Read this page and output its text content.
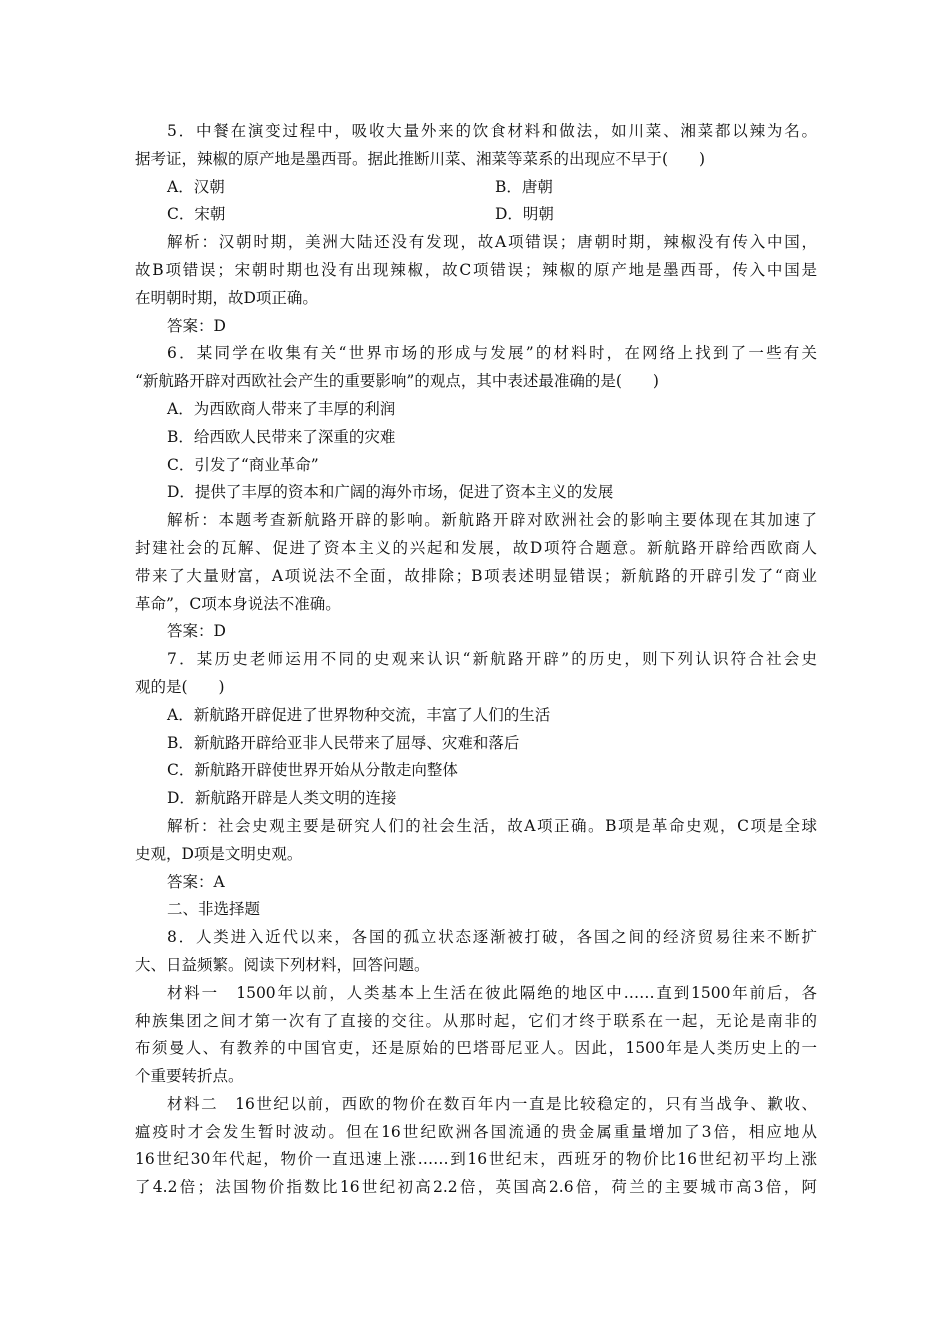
5．中餐在演变过程中，吸收大量外来的饮食材料和做法，如川菜、湘菜都以辣为名。
据考证，辣椒的原产地是墨西哥。据此推断川菜、湘菜等菜系的出现应不早于(　　)
A．汉朝	B．唐朝
C．宋朝	D．明朝
解析：汉朝时期，美洲大陆还没有发现，故A项错误；唐朝时期，辣椒没有传入中国，
故B项错误；宋朝时期也没有出现辣椒，故C项错误；辣椒的原产地是墨西哥，传入中国是
在明朝时期，故D项正确。
答案：D
6．某同学在收集有关“世界市场的形成与发展”的材料时，在网络上找到了一些有关
“新航路开辟对西欧社会产生的重要影响”的观点，其中表述最准确的是(　　)
A．为西欧商人带来了丰厚的利润
B．给西欧人民带来了深重的灾难
C．引发了“商业革命”
D．提供了丰厚的资本和广阔的海外市场，促进了资本主义的发展
解析：本题考查新航路开辟的影响。新航路开辟对欧洲社会的影响主要体现在其加速了
封建社会的瓦解、促进了资本主义的兴起和发展，故D项符合题意。新航路开辟给西欧商人
带来了大量财富，A项说法不全面，故排除；B项表述明显错误；新航路的开辟引发了“商业
革命”，C项本身说法不准确。
答案：D
7．某历史老师运用不同的史观来认识“新航路开辟”的历史，则下列认识符合社会史
观的是(　　)
A．新航路开辟促进了世界物种交流，丰富了人们的生活
B．新航路开辟给亚非人民带来了屈辱、灾难和落后
C．新航路开辟使世界开始从分散走向整体
D．新航路开辟是人类文明的连接
解析：社会史观主要是研究人们的社会生活，故A项正确。B项是革命史观，C项是全球
史观，D项是文明史观。
答案：A
二、非选择题
8．人类进入近代以来，各国的孤立状态逐渐被打破，各国之间的经济贸易往来不断扩
大、日益频繁。阅读下列材料，回答问题。
材料一　1500年以前，人类基本上生活在彼此隔绝的地区中……直到1500年前后，各
种族集团之间才第一次有了直接的交往。从那时起，它们才终于联系在一起，无论是南非的
布须曼人、有教养的中国官吏，还是原始的巴塔哥尼亚人。因此，1500年是人类历史上的一
个重要转折点。
材料二　16世纪以前，西欧的物价在数百年内一直是比较稳定的，只有当战争、歉收、
瘟疫时才会发生暂时波动。但在16世纪欧洲各国流通的贵金属重量增加了3倍，相应地从
16世纪30年代起，物价一直迅速上涨……到16世纪末，西班牙的物价比16世纪初平均上涨
了4.2倍；法国物价指数比16世纪初高2.2倍，英国高2.6倍，荷兰的主要城市高3倍，阿
